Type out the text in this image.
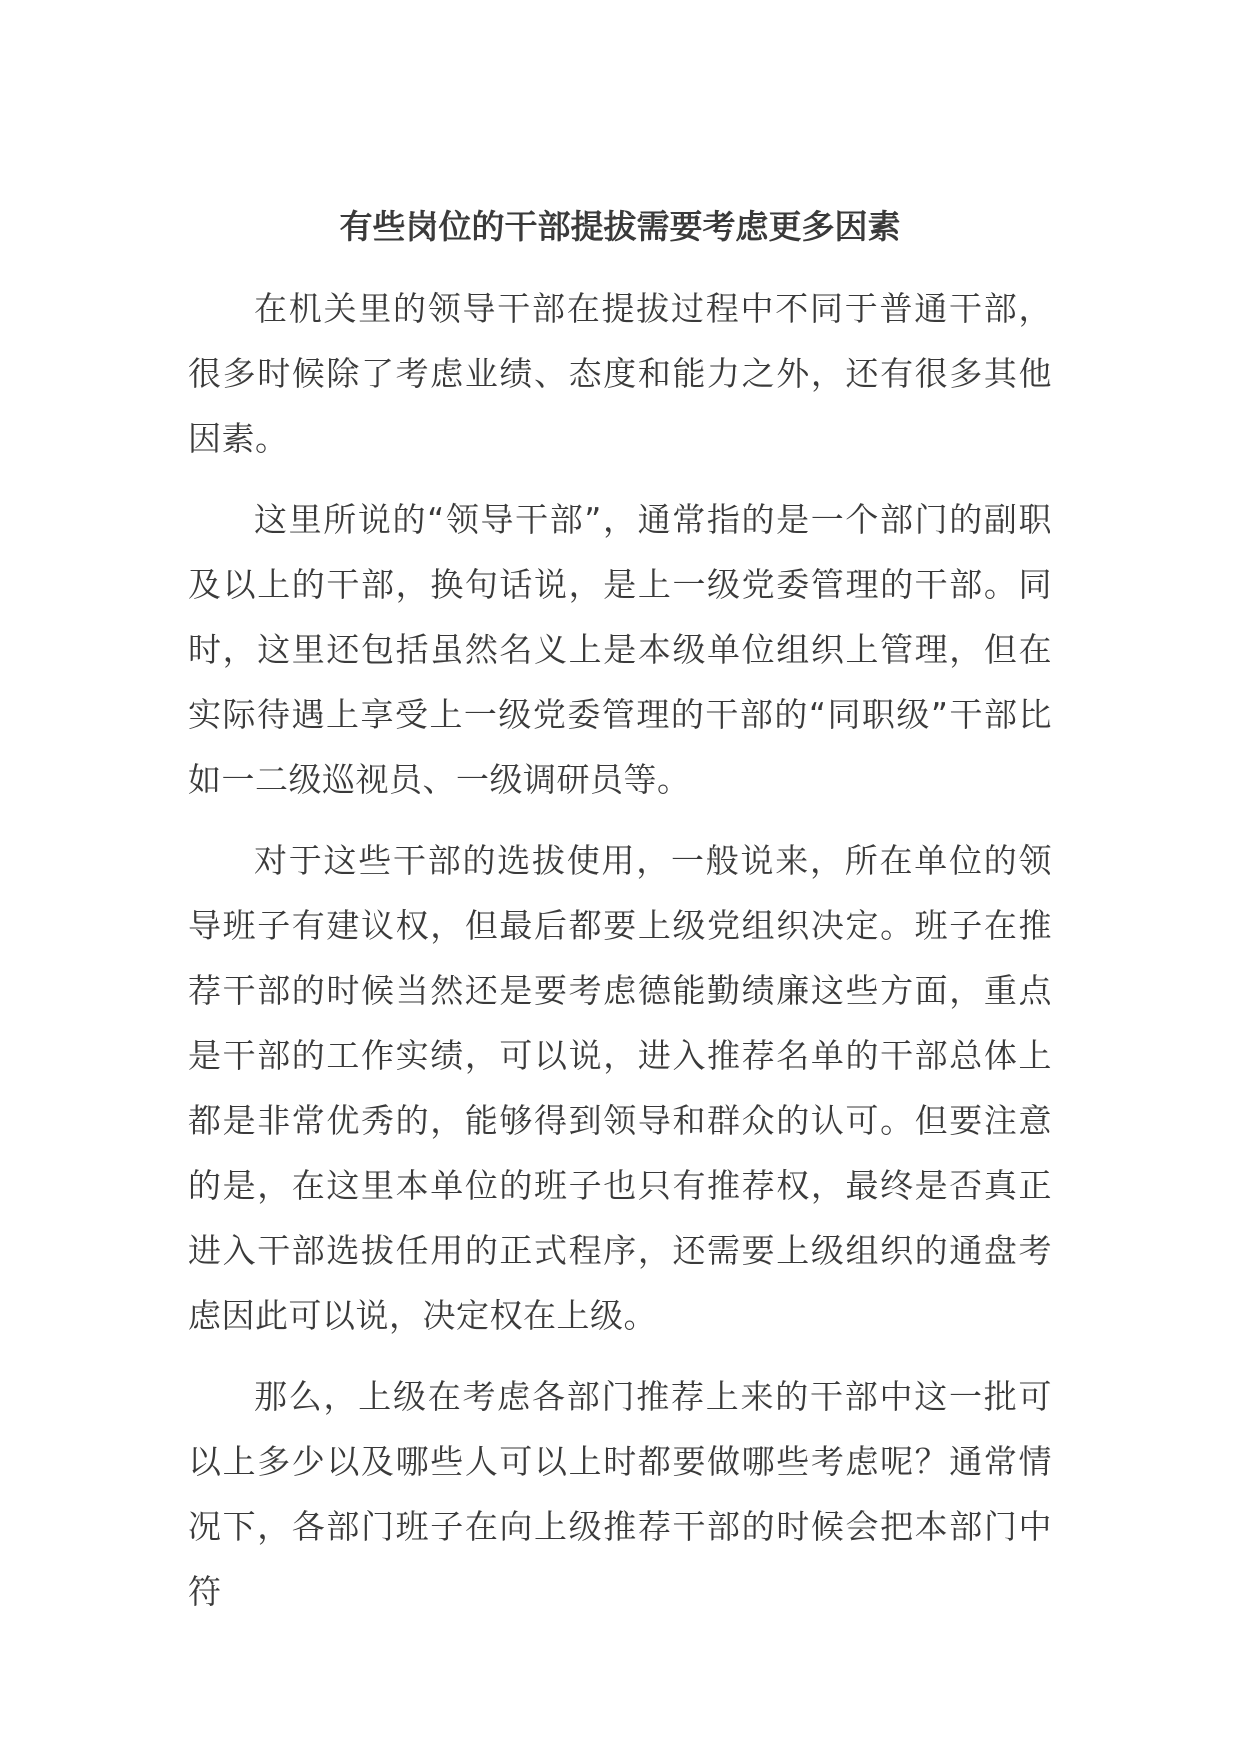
有些岗位的干部提拔需要考虑更多因素

在机关里的领导干部在提拔过程中不同于普通干部，很多时候除了考虑业绩、态度和能力之外，还有很多其他因素。

这里所说的“领导干部”，通常指的是一个部门的副职及以上的干部，换句话说，是上一级党委管理的干部。同时，这里还包括虽然名义上是本级单位组织上管理，但在实际待遇上享受上一级党委管理的干部的“同职级”干部比如一二级巡视员、一级调研员等。

对于这些干部的选拔使用，一般说来，所在单位的领导班子有建议权，但最后都要上级党组织决定。班子在推荐干部的时候当然还是要考虑德能勤绩廉这些方面，重点是干部的工作实绩，可以说，进入推荐名单的干部总体上都是非常优秀的，能够得到领导和群众的认可。但要注意的是，在这里本单位的班子也只有推荐权，最终是否真正进入干部选拔任用的正式程序，还需要上级组织的通盘考虑因此可以说，决定权在上级。

那么，上级在考虑各部门推荐上来的干部中这一批可以上多少以及哪些人可以上时都要做哪些考虑呢？通常情况下，各部门班子在向上级推荐干部的时候会把本部门中符
